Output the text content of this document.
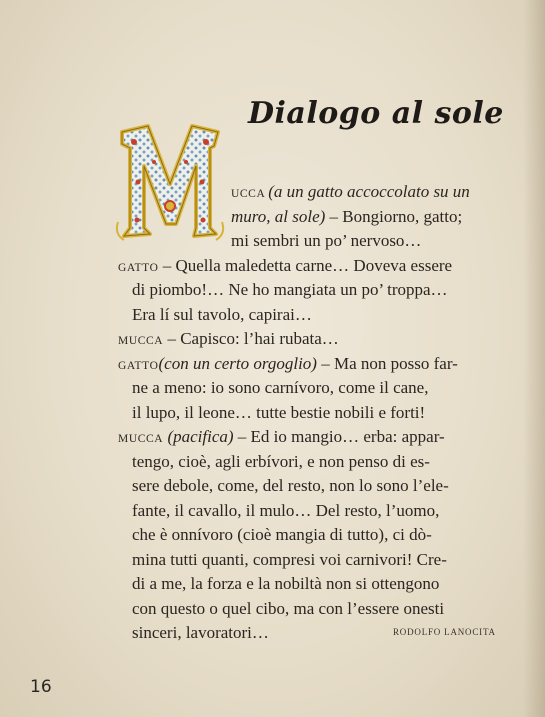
Dialogo al sole
UCCA (a un gatto accoccolato su un
muro, al sole) – Bongiorno, gatto;
mi sembri un po’ nervoso…
GATTO – Quella maledetta carne… Doveva essere
di piombo!… Ne ho mangiata un po’ troppa…
Era lí sul tavolo, capirai…
MUCCA – Capisco: l’hai rubata…
GATTO(con un certo orgoglio) – Ma non posso far-
ne a meno: io sono carnívoro, come il cane,
il lupo, il leone… tutte bestie nobili e forti!
MUCCA (pacifica) – Ed io mangio… erba: appar-
tengo, cioè, agli erbívori, e non penso di es-
sere debole, come, del resto, non lo sono l’ele-
fante, il cavallo, il mulo… Del resto, l’uomo,
che è onnívoro (cioè mangia di tutto), ci dò-
mina tutti quanti, compresi voi carnivori! Cre-
di a me, la forza e la nobiltà non si ottengono
con questo o quel cibo, ma con l’essere onesti
sinceri, lavoratori…	RODOLFO LANOCITA
16
